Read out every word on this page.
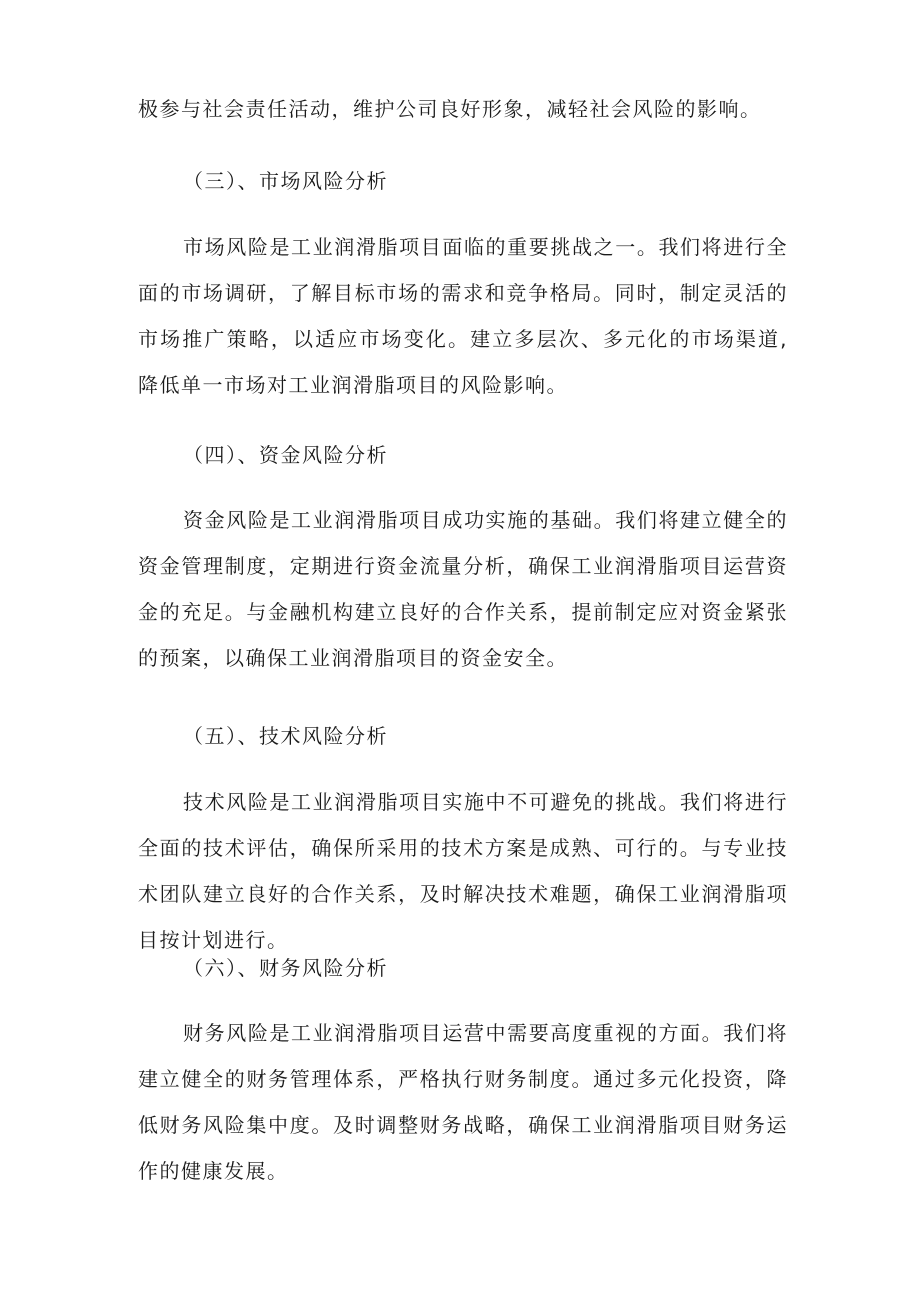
极参与社会责任活动，维护公司良好形象，减轻社会风险的影响。

（三）、市场风险分析

市场风险是工业润滑脂项目面临的重要挑战之一。我们将进行全面的市场调研，了解目标市场的需求和竞争格局。同时，制定灵活的市场推广策略，以适应市场变化。建立多层次、多元化的市场渠道,降低单一市场对工业润滑脂项目的风险影响。

（四）、资金风险分析

资金风险是工业润滑脂项目成功实施的基础。我们将建立健全的资金管理制度，定期进行资金流量分析，确保工业润滑脂项目运营资金的充足。与金融机构建立良好的合作关系，提前制定应对资金紧张的预案，以确保工业润滑脂项目的资金安全。

（五）、技术风险分析

技术风险是工业润滑脂项目实施中不可避免的挑战。我们将进行全面的技术评估，确保所采用的技术方案是成熟、可行的。与专业技术团队建立良好的合作关系，及时解决技术难题，确保工业润滑脂项目按计划进行。

（六）、财务风险分析

财务风险是工业润滑脂项目运营中需要高度重视的方面。我们将建立健全的财务管理体系，严格执行财务制度。通过多元化投资，降低财务风险集中度。及时调整财务战略，确保工业润滑脂项目财务运作的健康发展。
